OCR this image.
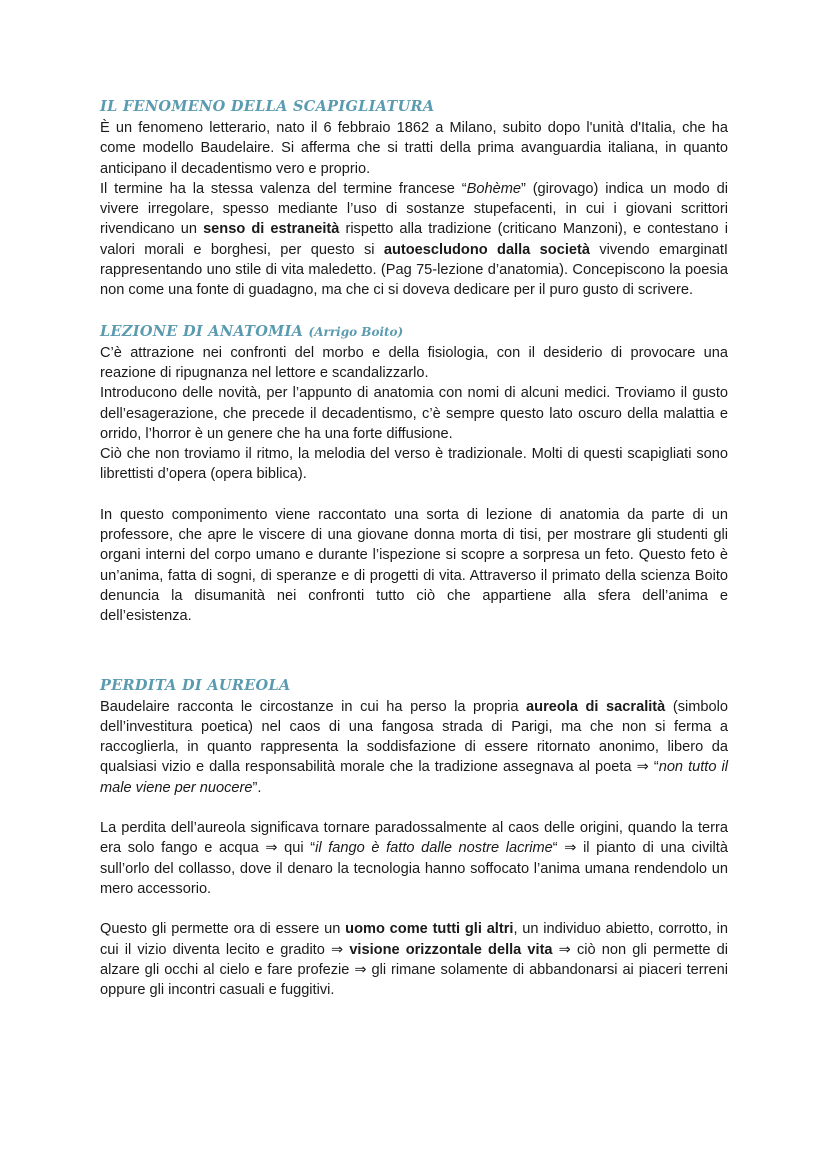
IL FENOMENO DELLA SCAPIGLIATURA

È un fenomeno letterario, nato il 6 febbraio 1862 a Milano, subito dopo l'unità d'Italia, che ha come modello Baudelaire. Si afferma che si tratti della prima avanguardia italiana, in quanto anticipano il decadentismo vero e proprio.

Il termine ha la stessa valenza del termine francese “Bohème” (girovago) indica un modo di vivere irregolare, spesso mediante l’uso di sostanze stupefacenti, in cui i giovani scrittori rivendicano un senso di estraneità rispetto alla tradizione (criticano Manzoni), e contestano i valori morali e borghesi, per questo si autoescludono dalla società vivendo emarginatI rappresentando uno stile di vita maledetto. (Pag 75-lezione d’anatomia). Concepiscono la poesia non come una fonte di guadagno, ma che ci si doveva dedicare per il puro gusto di scrivere.

LEZIONE DI ANATOMIA (Arrigo Boito)

C’è attrazione nei confronti del morbo e della fisiologia, con il desiderio di provocare una reazione di ripugnanza nel lettore e scandalizzarlo.

Introducono delle novità, per l’appunto di anatomia con nomi di alcuni medici. Troviamo il gusto dell’esagerazione, che precede il decadentismo, c’è sempre questo lato oscuro della malattia e orrido, l’horror è un genere che ha una forte diffusione.

Ciò che non troviamo il ritmo, la melodia del verso è tradizionale. Molti di questi scapigliati sono librettisti d’opera (opera biblica).

In questo componimento viene raccontato una sorta di lezione di anatomia da parte di un professore, che apre le viscere di una giovane donna morta di tisi, per mostrare gli studenti gli organi interni del corpo umano e durante l’ispezione si scopre a sorpresa un feto. Questo feto è un’anima, fatta di sogni, di speranze e di progetti di vita. Attraverso il primato della scienza Boito denuncia la disumanità nei confronti tutto ciò che appartiene alla sfera dell’anima e dell’esistenza.

PERDITA DI AUREOLA

Baudelaire racconta le circostanze in cui ha perso la propria aureola di sacralità (simbolo dell’investitura poetica) nel caos di una fangosa strada di Parigi, ma che non si ferma a raccoglierla, in quanto rappresenta la soddisfazione di essere ritornato anonimo, libero da qualsiasi vizio e dalla responsabilità morale che la tradizione assegnava al poeta ⇒ “non tutto il male viene per nuocere”.

La perdita dell’aureola significava tornare paradossalmente al caos delle origini, quando la terra era solo fango e acqua ⇒ qui “il fango è fatto dalle nostre lacrime“ ⇒ il pianto di una civiltà sull’orlo del collasso, dove il denaro la tecnologia hanno soffocato l’anima umana rendendolo un mero accessorio.

Questo gli permette ora di essere un uomo come tutti gli altri, un individuo abietto, corrotto, in cui il vizio diventa lecito e gradito ⇒ visione orizzontale della vita ⇒ ciò non gli permette di alzare gli occhi al cielo e fare profezie ⇒ gli rimane solamente di abbandonarsi ai piaceri terreni oppure gli incontri casuali e fuggitivi.
